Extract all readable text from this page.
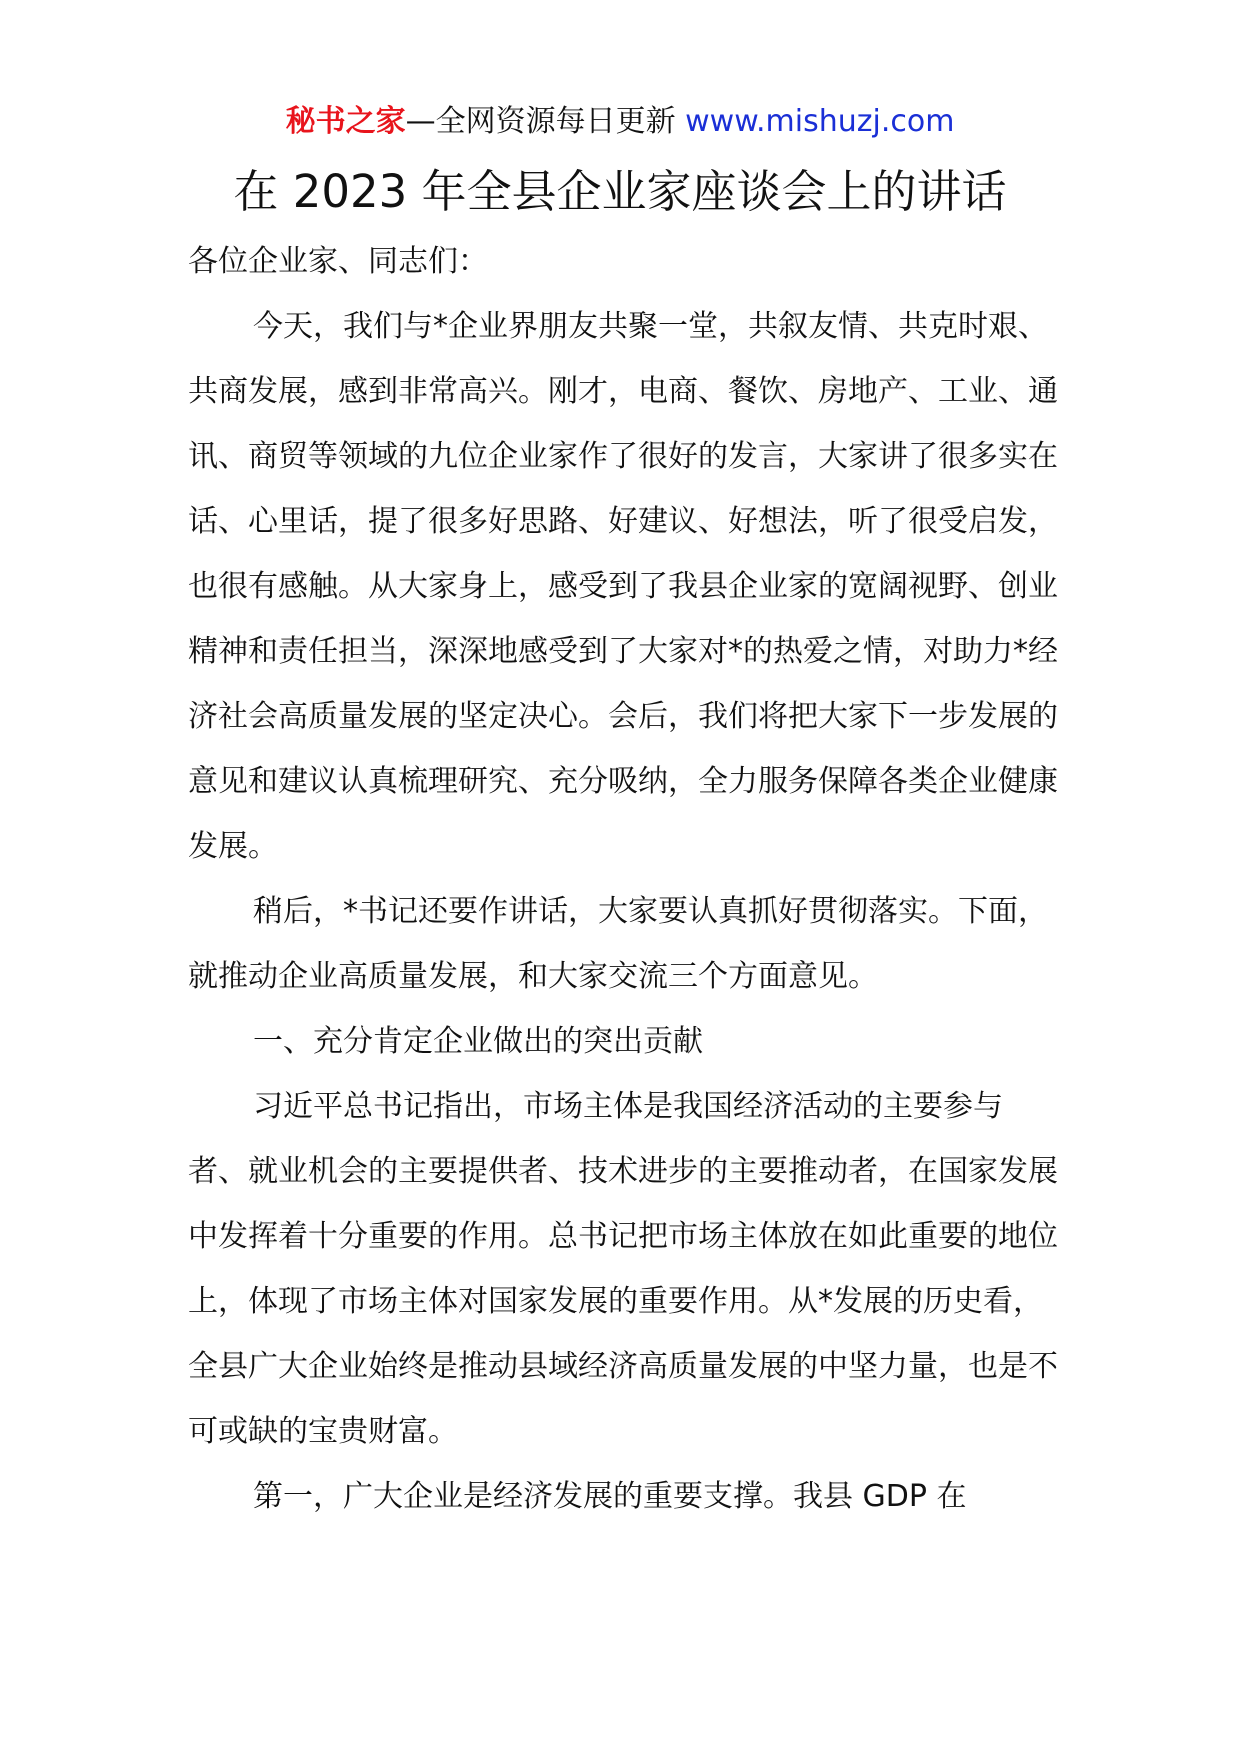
秘书之家—全网资源每日更新 www.mishuzj.com
在 2023 年全县企业家座谈会上的讲话

各位企业家、同志们：

今天，我们与*企业界朋友共聚一堂，共叙友情、共克时艰、共商发展，感到非常高兴。刚才，电商、餐饮、房地产、工业、通讯、商贸等领域的九位企业家作了很好的发言，大家讲了很多实在话、心里话，提了很多好思路、好建议、好想法，听了很受启发，也很有感触。从大家身上，感受到了我县企业家的宽阔视野、创业精神和责任担当，深深地感受到了大家对*的热爱之情，对助力*经济社会高质量发展的坚定决心。会后，我们将把大家下一步发展的意见和建议认真梳理研究、充分吸纳，全力服务保障各类企业健康发展。

稍后，*书记还要作讲话，大家要认真抓好贯彻落实。下面，就推动企业高质量发展，和大家交流三个方面意见。

一、充分肯定企业做出的突出贡献

习近平总书记指出，市场主体是我国经济活动的主要参与者、就业机会的主要提供者、技术进步的主要推动者，在国家发展中发挥着十分重要的作用。总书记把市场主体放在如此重要的地位上，体现了市场主体对国家发展的重要作用。从*发展的历史看，全县广大企业始终是推动县域经济高质量发展的中坚力量，也是不可或缺的宝贵财富。

第一，广大企业是经济发展的重要支撑。我县 GDP 在
